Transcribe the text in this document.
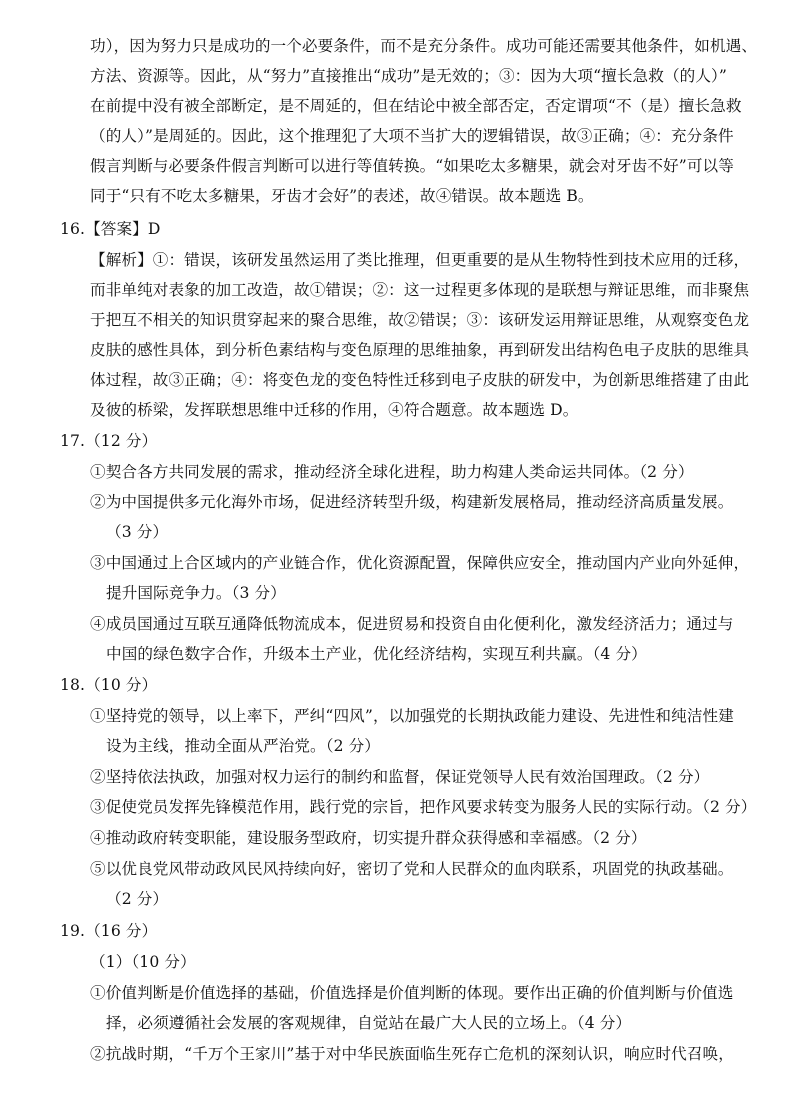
功），因为努力只是成功的一个必要条件，而不是充分条件。成功可能还需要其他条件，如机遇、
方法、资源等。因此，从“努力”直接推出“成功”是无效的；③：因为大项“擅长急救（的人）”
在前提中没有被全部断定，是不周延的，但在结论中被全部否定，否定谓项“不（是）擅长急救
（的人）”是周延的。因此，这个推理犯了大项不当扩大的逻辑错误，故③正确；④：充分条件
假言判断与必要条件假言判断可以进行等值转换。“如果吃太多糖果，就会对牙齿不好”可以等
同于“只有不吃太多糖果，牙齿才会好”的表述，故④错误。故本题选 B。
16.【答案】D
【解析】①：错误，该研发虽然运用了类比推理，但更重要的是从生物特性到技术应用的迁移，
而非单纯对表象的加工改造，故①错误；②：这一过程更多体现的是联想与辩证思维，而非聚焦
于把互不相关的知识贯穿起来的聚合思维，故②错误；③：该研发运用辩证思维，从观察变色龙
皮肤的感性具体，到分析色素结构与变色原理的思维抽象，再到研发出结构色电子皮肤的思维具
体过程，故③正确；④：将变色龙的变色特性迁移到电子皮肤的研发中，为创新思维搭建了由此
及彼的桥梁，发挥联想思维中迁移的作用，④符合题意。故本题选 D。
17.（12 分）
①契合各方共同发展的需求，推动经济全球化进程，助力构建人类命运共同体。（2 分）
②为中国提供多元化海外市场，促进经济转型升级，构建新发展格局，推动经济高质量发展。
（3 分）
③中国通过上合区域内的产业链合作，优化资源配置，保障供应安全，推动国内产业向外延伸，
提升国际竞争力。（3 分）
④成员国通过互联互通降低物流成本，促进贸易和投资自由化便利化，激发经济活力；通过与
中国的绿色数字合作，升级本土产业，优化经济结构，实现互利共赢。（4 分）
18.（10 分）
①坚持党的领导，以上率下，严纠“四风”，以加强党的长期执政能力建设、先进性和纯洁性建
设为主线，推动全面从严治党。（2 分）
②坚持依法执政，加强对权力运行的制约和监督，保证党领导人民有效治国理政。（2 分）
③促使党员发挥先锋模范作用，践行党的宗旨，把作风要求转变为服务人民的实际行动。（2 分）
④推动政府转变职能，建设服务型政府，切实提升群众获得感和幸福感。（2 分）
⑤以优良党风带动政风民风持续向好，密切了党和人民群众的血肉联系，巩固党的执政基础。
（2 分）
19.（16 分）
（1）（10 分）
①价值判断是价值选择的基础，价值选择是价值判断的体现。要作出正确的价值判断与价值选
择，必须遵循社会发展的客观规律，自觉站在最广大人民的立场上。（4 分）
②抗战时期，“千万个王家川”基于对中华民族面临生死存亡危机的深刻认识，响应时代召唤，
